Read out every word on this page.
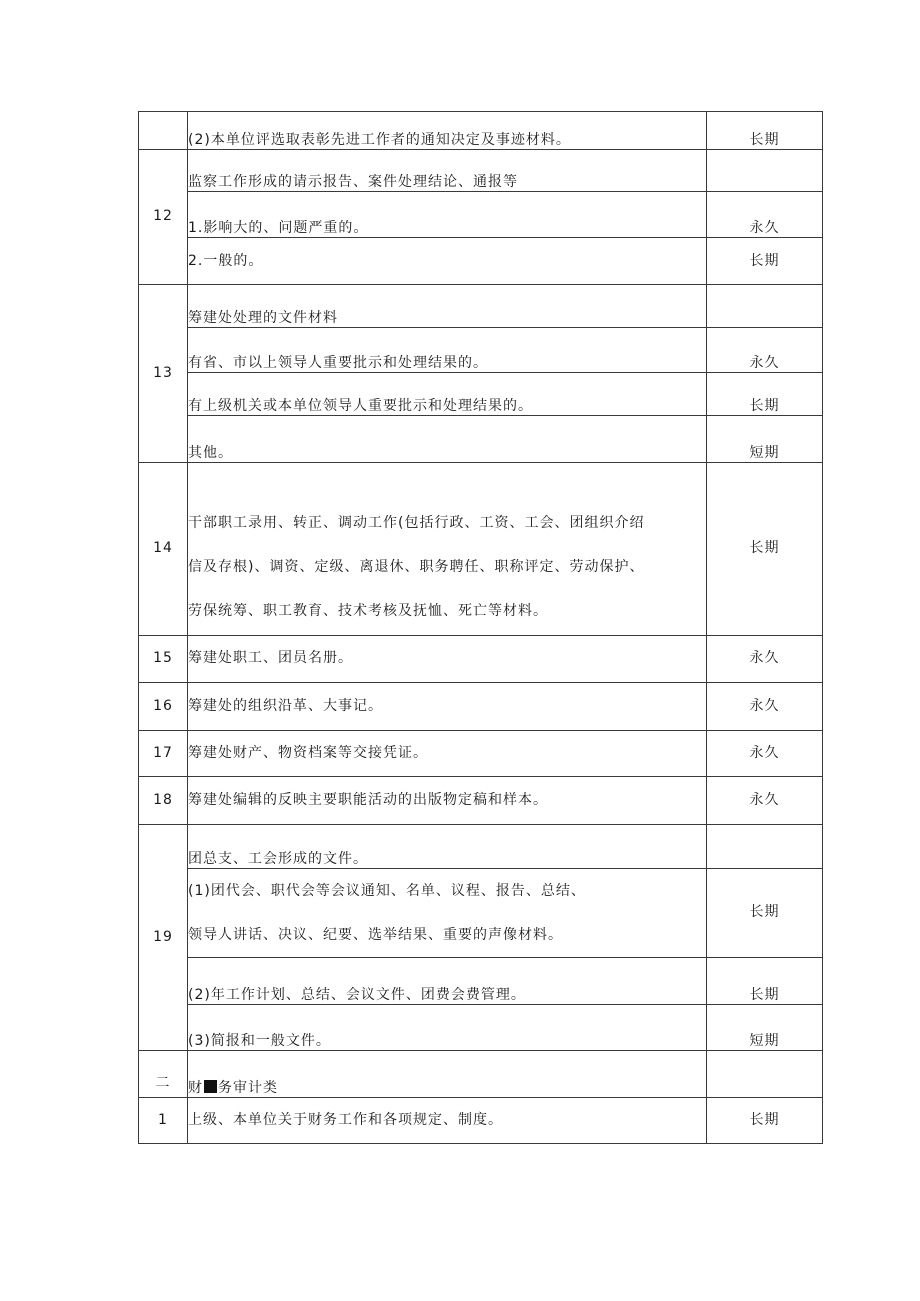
	(2)本单位评选取表彰先进工作者的通知决定及事迹材料。	长期
12	监察工作形成的请示报告、案件处理结论、通报等	
	1.影响大的、问题严重的。	永久
	2.一般的。	长期
13	筹建处处理的文件材料	
	有省、市以上领导人重要批示和处理结果的。	永久
	有上级机关或本单位领导人重要批示和处理结果的。	长期
	其他。	短期
14	干部职工录用、转正、调动工作(包括行政、工资、工会、团组织介绍
信及存根)、调资、定级、离退休、职务聘任、职称评定、劳动保护、
劳保统筹、职工教育、技术考核及抚恤、死亡等材料。	长期
15	筹建处职工、团员名册。	永久
16	筹建处的组织沿革、大事记。	永久
17	筹建处财产、物资档案等交接凭证。	永久
18	筹建处编辑的反映主要职能活动的出版物定稿和样本。	永久
19	团总支、工会形成的文件。	

	(1)团代会、职代会等会议通知、名单、议程、报告、总结、
领导人讲话、决议、纪要、选举结果、重要的声像材料。	长期
	(2)年工作计划、总结、会议文件、团费会费管理。	长期
	(3)简报和一般文件。	短期
二	财 务审计类	
1	上级、本单位关于财务工作和各项规定、制度。	长期
